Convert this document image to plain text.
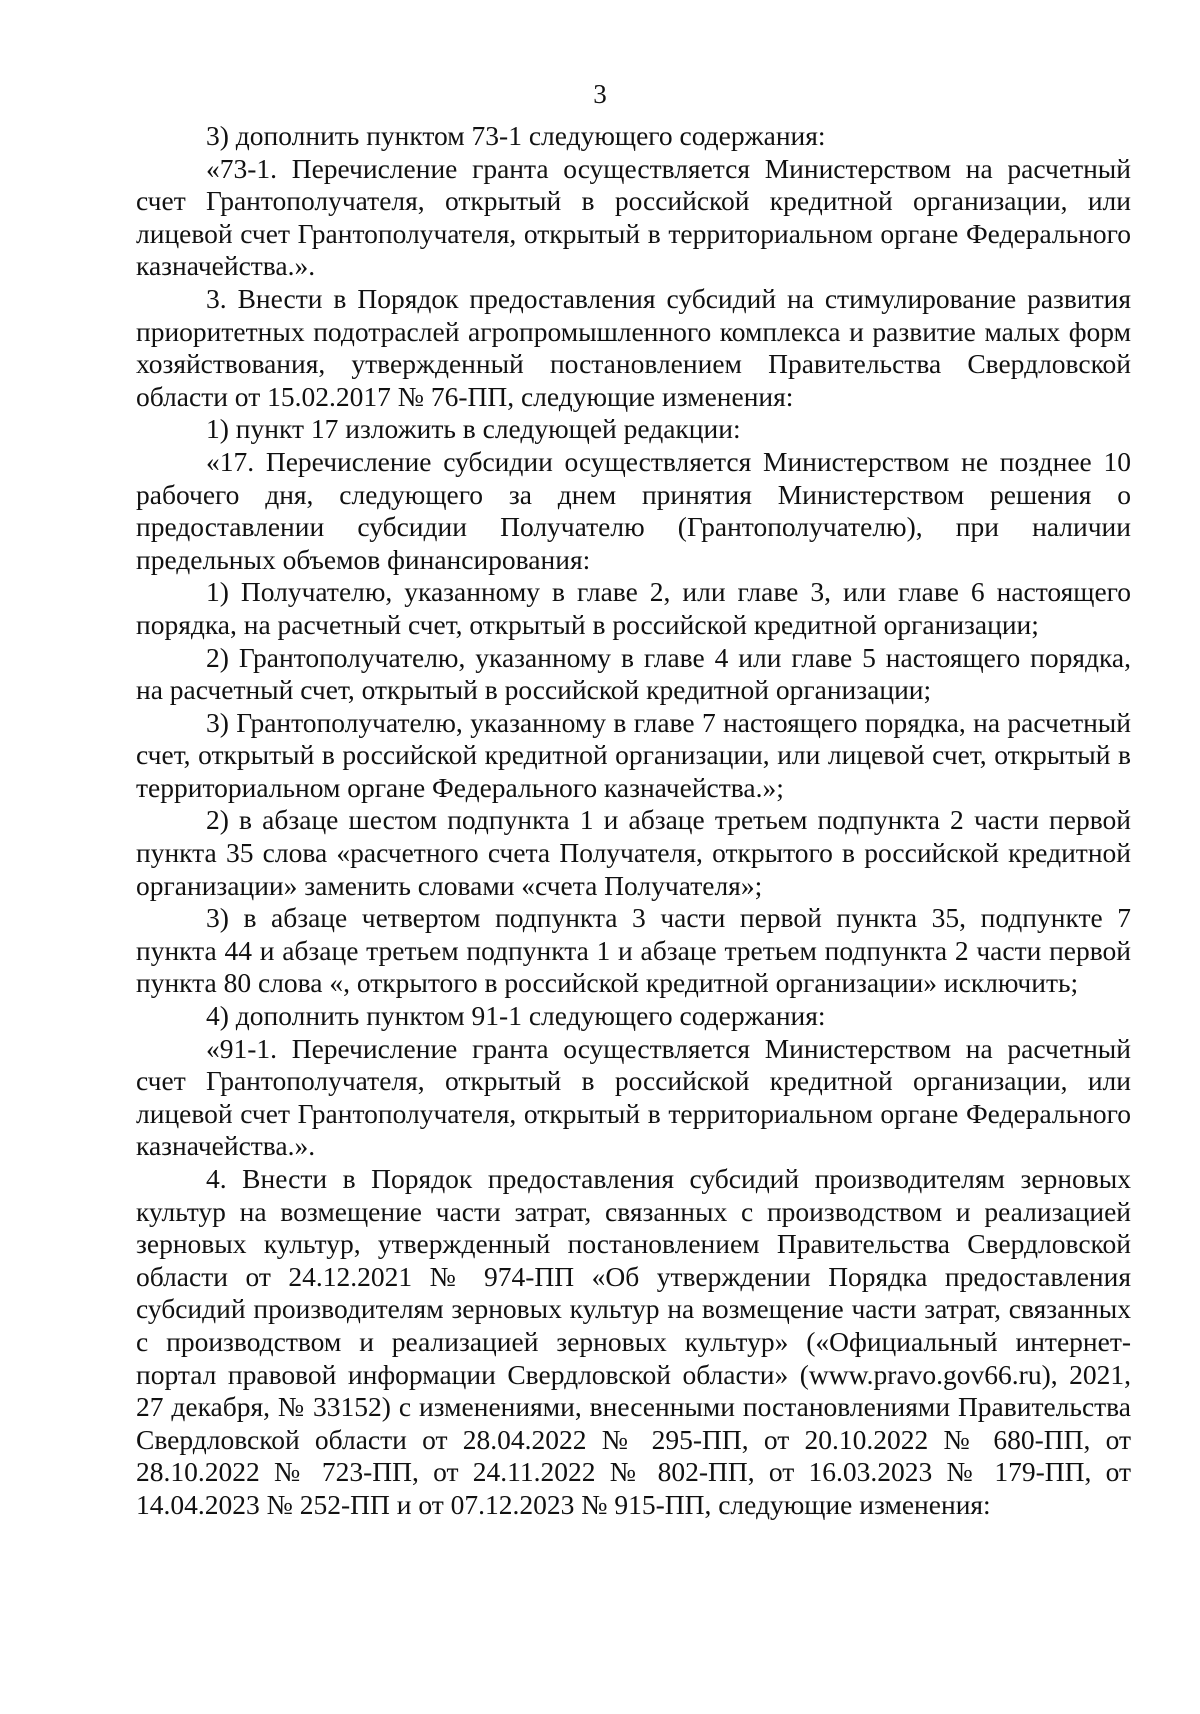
3

3) дополнить пунктом 73-1 следующего содержания:

«73-1. Перечисление гранта осуществляется Министерством на расчетный счет Грантополучателя, открытый в российской кредитной организации, или лицевой счет Грантополучателя, открытый в территориальном органе Федерального казначейства.».

3. Внести в Порядок предоставления субсидий на стимулирование развития приоритетных подотраслей агропромышленного комплекса и развитие малых форм хозяйствования, утвержденный постановлением Правительства Свердловской области от 15.02.2017 № 76-ПП, следующие изменения:

1) пункт 17 изложить в следующей редакции:

«17. Перечисление субсидии осуществляется Министерством не позднее 10 рабочего дня, следующего за днем принятия Министерством решения о предоставлении субсидии Получателю (Грантополучателю), при наличии предельных объемов финансирования:

1) Получателю, указанному в главе 2, или главе 3, или главе 6 настоящего порядка, на расчетный счет, открытый в российской кредитной организации;

2) Грантополучателю, указанному в главе 4 или главе 5 настоящего порядка, на расчетный счет, открытый в российской кредитной организации;

3) Грантополучателю, указанному в главе 7 настоящего порядка, на расчетный счет, открытый в российской кредитной организации, или лицевой счет, открытый в территориальном органе Федерального казначейства.»;

2) в абзаце шестом подпункта 1 и абзаце третьем подпункта 2 части первой пункта 35 слова «расчетного счета Получателя, открытого в российской кредитной организации» заменить словами «счета Получателя»;

3) в абзаце четвертом подпункта 3 части первой пункта 35, подпункте 7 пункта 44 и абзаце третьем подпункта 1 и абзаце третьем подпункта 2 части первой пункта 80 слова «, открытого в российской кредитной организации» исключить;

4) дополнить пунктом 91-1 следующего содержания:

«91-1. Перечисление гранта осуществляется Министерством на расчетный счет Грантополучателя, открытый в российской кредитной организации, или лицевой счет Грантополучателя, открытый в территориальном органе Федерального казначейства.».

4. Внести в Порядок предоставления субсидий производителям зерновых культур на возмещение части затрат, связанных с производством и реализацией зерновых культур, утвержденный постановлением Правительства Свердловской области от 24.12.2021 № 974-ПП «Об утверждении Порядка предоставления субсидий производителям зерновых культур на возмещение части затрат, связанных с производством и реализацией зерновых культур» («Официальный интернет-портал правовой информации Свердловской области» (www.pravo.gov66.ru), 2021, 27 декабря, № 33152) с изменениями, внесенными постановлениями Правительства Свердловской области от 28.04.2022 № 295-ПП, от 20.10.2022 № 680-ПП, от 28.10.2022 № 723-ПП, от 24.11.2022 № 802-ПП, от 16.03.2023 № 179-ПП, от 14.04.2023 № 252-ПП и от 07.12.2023 № 915-ПП, следующие изменения:
